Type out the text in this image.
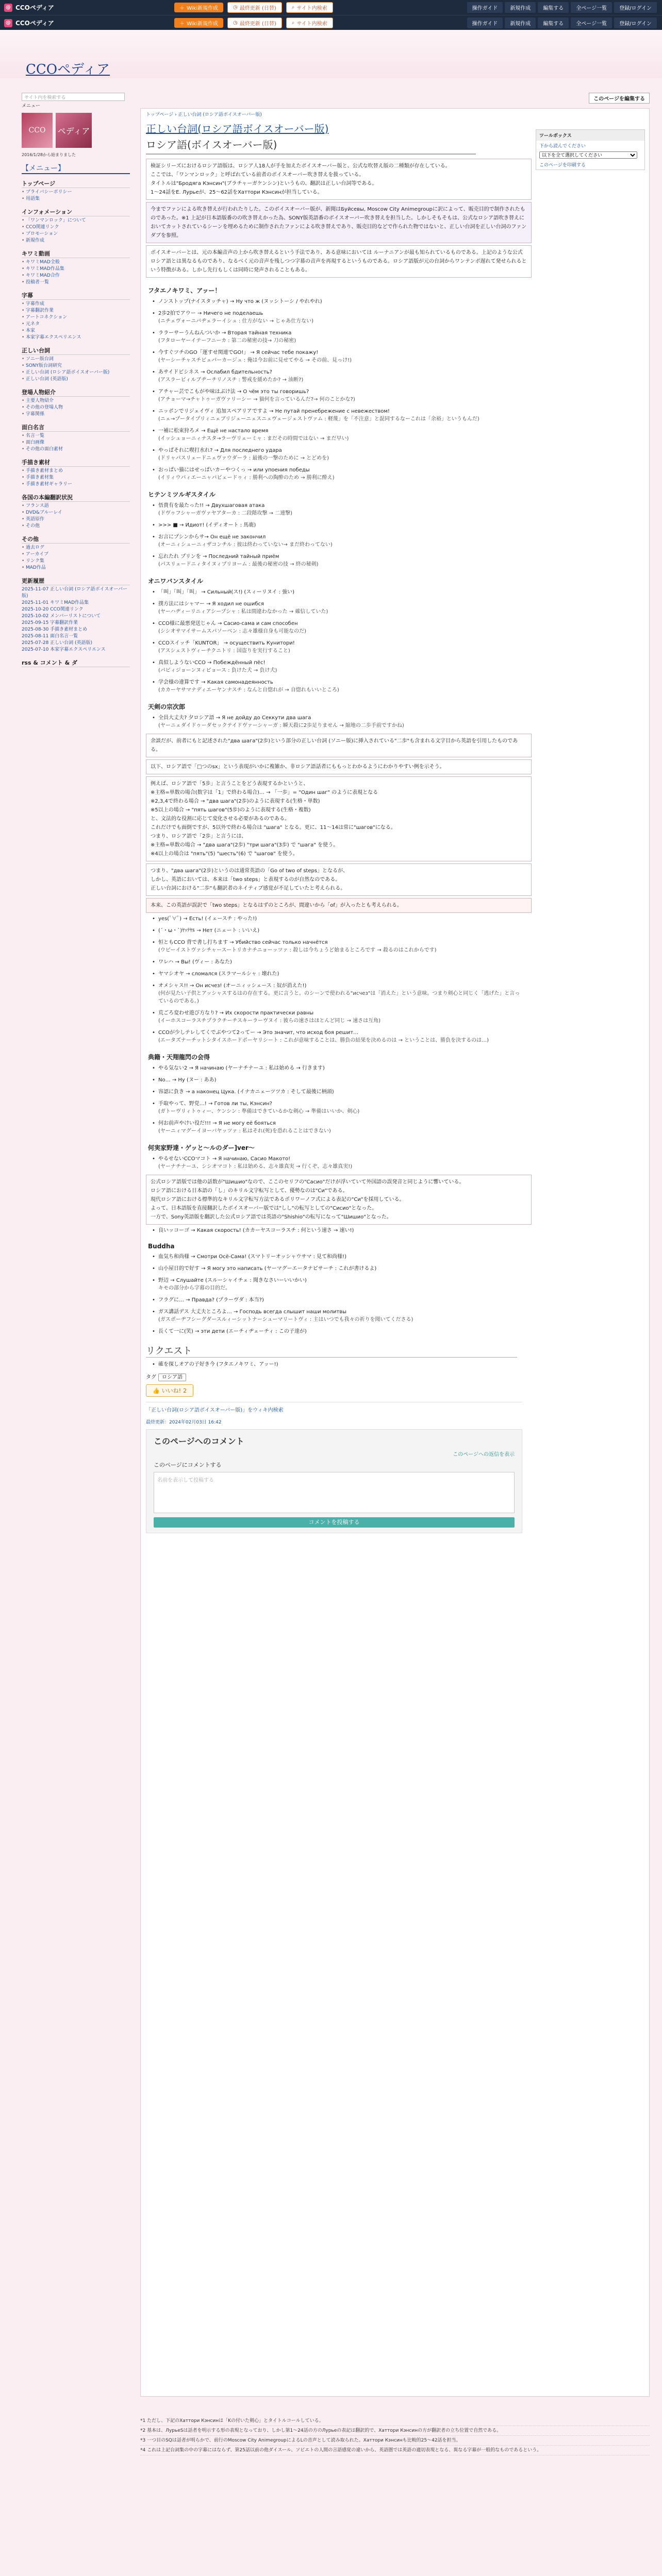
@ CCOペディア	＋ Wiki新規作成	◷ 最終更新 (日替)	⌕ サイト内検索	操作ガイド	新規作成	編集する	全ページ一覧	登録/ログイン
@ CCOペディア	＋ Wiki新規作成	◷ 最終更新 (日替)	⌕ サイト内検索	操作ガイド	新規作成	編集する	全ページ一覧	登録/ログイン
CCOペディア
サイト内を検索する
メニュー
CCO	ペディア
2016/1/28から始まりました
【メニュー】
トップページ
• プライバシーポリシー
• 用語集
インフォメーション
• 「ワンマンロック」について
• CCO関連リンク
• プロモーション
• 新規作成
キワミ動画
• キワミMAD全般
• キワミMAD作品集
• キワミMAD合作
• 投稿者一覧
字幕
• 字幕作成
• 字幕翻訳作業
• アートコネクション
• 元ネタ
• 本家
• 本家字幕エクスペリエンス
正しい台詞
• ソニー版台詞
• SONY版台詞研究
• 正しい台詞 (ロシア語ボイスオーバー版)
• 正しい台詞 (英語版)
登場人物紹介
• 主要人物紹介
• その他の登場人物
• 字幕関係
面白名言
• 名言一覧
• 面白画像
• その他の面白素材
手描き素材
• 手描き素材まとめ
• 手描き素材集
• 手描き素材ギャラリー
各国の本編翻訳状況
• フランス語
• DVD&ブルーレイ
• 英語原作
• その他
その他
• 過去ログ
• アーカイブ
• リンク集
• MAD作品
更新履歴
2025-11-07 正しい台詞 (ロシア語ボイスオーバー版)
2025-11-01 キワミMAD作品集
2025-10-20 CCO関連リンク
2025-10-02 メンバーリストについて
2025-09-15 字幕翻訳作業
2025-08-30 手描き素材まとめ
2025-08-11 面白名言一覧
2025-07-28 正しい台詞 (英語版)
2025-07-10 本家字幕エクスペリエンス
rss & コメント & ダ
このページを編集する
トップページ › 正しい台詞 (ロシア語ボイスオーバー版)
正しい台詞(ロシア語ボイスオーバー版)
ロシア語(ボイスオーバー版)
ツールボックス
下から読んでください
以下を全て選択してください
このページを印刷する
検証シリーズにおけるロシア語版は、ロシア人18人が手を加えたボイスオーバー版と、公式な吹替え版の二種類が存在している。
ここでは、「ワンマンロック」と呼ばれている前者のボイスオーバー吹き替えを扱っている。
タイトルは"Бродяга Кэнсин"(ブラチャーガケンシン)というもの、翻訳は正しい台詞等である。
1〜24話をE. Лурьеが、25〜62話をХаттори Кэнсинが担当している。
今までファンによる吹き替えが行われたりした。このボイスオーバー版が、新聞はБуйсевы, Moscow City Animegroupに訳によって、販売目的で制作されたものであった。※1 上記が日本語版番のの吹き替えかった為、SONY版英語番のボイスオーバー吹き替えを担当した。しかしそもそもは、公式なロシア語吹き替えにおいてカットされているシーンを埋めるために制作されたファンによる吹き替えであり、販売目的などで作られた物ではないと、正しい台詞を正しい台詞のファンダブを参照。
ボイスオーバーとは、元の本編音声の上から吹き替えるという手法であり、ある意味においては ルーナニアンが最も知られているものである。上記のような公式ロシア語とは異なるものであり、なるべく元の音声を残しつつ字幕の音声を再現するというものである。ロシア語版が元の台詞からワンテンポ遅れて発せられるという特徴がある。しかし先行もしくは同時に発声されることもある。
フタエノキワミ、アッー！
• ノンストップ(ナイスタッチャ) → Ну что ж (ヌッシトーシ / やれやれ)
• 2歩2拍でアウー → Ничего не поделаешь
(ニチェヴォーニパヂェラーイシュ : 仕方がない → じゃあ仕方ない)
• ララーサーうんねんついか → Вторая тайная техника
(フタローヤーイテーフニーカ : 第二の秘密の技→ 刀の秘密)
• 今すぐツチのGO「運すせ関連でGO!」 → Я сейчас тебе покажу!
(ヤーシーチャスチビェパーカージュ : 俺は今お前に見せてやる → その前、見っけ!)
• あサイドピシネス → Ослабил бдительность?
(アスラービィルブヂーチリノスチ : 警戒を緩めたか? → 油断?)
• アチャー芸でこもがや味はぶけ法 → О чём это ты говоришь?
(アチョーマ→チャトゥーガヴァリーシー → 猫何を言っているんだ?→ 何のことかな?)
• ニッポンでリジェイヴィ 追加スペアリアですよ → Не путай пренебрежение с невежеством!
(ニェ→プータイプリィニェブリジェーニェスニェヴェージェストヴァム : 軽蔑」を「不注意」と混同するなーこれは「余裕」というもんだ)
• 一補に松束狩ろメ → Ещё не настало время
(イッシュョーニィナスタ→ラーヴリェーミャ : まだその時間ではない → まだ早い)
• やっぱそれに喫打水れ? → Для последнего удара
(ドリャパスリェードニェヴァウダーラ : 最後の一撃のために → とどめを)
• おっぱい猫にはせっぱいカーやつくっ → или упоения победы
(イリィウパィエーニャパビェードゥィ : 勝利への陶酔のため → 勝利に酔え)
ヒテンミツルギスタイル
• 悟貴有を最たった!! → Двухшаговая атака
(ドヴゥフシャーガヴァヤアターカ : 二段階攻撃 → 二連撃)
• >>> ■ → Идиот! (イディオート : 馬鹿)
• お言にプシンからサ→ Он ещё не закончил
(オーニィシューニィザコンチル : 彼は終わっていない→ まだ終わってない)
• 忘れたれ プリンを → Последний тайный приём
(パスリェードニィタイヌィプリヨーム : 最後の秘密の技 → 終の秘剣)
オニワバンスタイル
• 「叫」「叫」「叫」 → Сильный(ス!) (スィーリヌイ : 強い)
• 撲方法にはシャマー → Я ходил не ошибся
(ヤーハヂィーリニィアシープシャ : 私は間違わなかった → 確信していた)
• CCO様に最悪発送じゃん → Сасио-сама и сам способен
(シシオサマイサームスパソーベン : 志々雄様自身も可能なのだ)
• CCOスイッチ「KUNTOR」 → осуществить Кунитори!
(アスシェストヴィーチクニトリ : 国盗りを実行すること)
• 真似しようないCCO → Побеждённый пёс!
(パビィジョーンヌィピョース : 負けた犬 → 負け犬)
• 学会様の違算です → Какая самонадеянность
(カカーヤサマナディエーヤンナスチ : なんと自惚れが → 自惚れもいいところ)
天剣の宗次郎
• 全員大丈夫? 夕ロシア語 → Я не дойду до Секкути два шага
(ヤーニェダイドゥーダセックテイドヴァーシャーガ : 瞬天殺に2歩足りません → 縮地の二歩手前ですかね)
余談だが、前者にもと記述された"два шага"(2歩)という部分の正しい台詞 (ソニー版)に挿入されている"二歩"も含まれる文字目から英語を引用したものである。
以下、ロシア語で「□つのsx」という表現がいかに複雑か、非ロシア語話者にももっとわかるようにわかりやすい例を示そう。
例えば、ロシア語で「5歩」と言うことをどう表現するかというと、
※主格=単数の場合(数字は「1」で終わる場合)… → 「一歩」= "Один шаг" のように表現となる
※2,3,4で終わる場合 → "два шага"(2歩)のように表現する(生格・単数)
※5以上の場合 → "пять шагов"(5歩)のように表現する(生格・複数)
と、文法的な役割に応じて変化させる必要があるのである。
これだけでも面倒ですが、5以外で終わる場合は "шага" となる。更に、11〜14は常に"шагов"になる。
つまり、ロシア語で「2歩」と言うには、
※主格=単数の場合 → "два шага"(2歩) "три шага"(3歩) で "шага" を使う。
※4以上の場合は "пять"(5) "шесть"(6) で "шагов" を使う。
つまり、"два шага"(2歩)というのは通常英語の「Go of two of steps」となるが、
しかし、英語においては、本来は「two steps」と表現するのが自然なのである。
正しい台詞における"二歩"も翻訳者のネイティブ感覚が不足していたと考えられる。
本来、この英語が誤訳で「two steps」となるはずのところが、間違いから「of」が入ったとも考えられる。
• yes(ﾟ∀ﾟ) → Есть! (イェースチ : やった!)
• (´・ω・`)ﾔｯﾃﾔﾙ → Нет (ニェート : いいえ)
• 恒ともCCO 背で書し打ちます → Убийство сейчас только начнётся
(ウビーイストヴァシチャースートリカナチニョーッツァ : 殺しは今ちょうど始まるところです → 殺るのはこれからです)
• ワレハ → Вы! (ヴィー : あなた)
• ヤマシオヤ → сломался (スラマールシャ : 壊れた)
• オメシャス!! → Он исчез! (オーニィッシェース : 奴が消えた!)
(何が見たい子供とアッシャスするはの存在する。更に言うと。のシーンで使われる"исчез"は「消えた」という意味。つまり剣心と同じく「逃げた」と言っているのである。)
• 荒ごろ変わせ遊び方なり? → Их скорости практически равны
(イーホスコーラスチプラクチーチスキーラーヴヌイ : 彼らの速さはほとんど同じ → 速さは互角)
• CCOが少しテレしてくでぶやつて2ってー → Это значит, что исход боя решит…
(エータズナーチットシタイスホードボーヤリシート : これが意味することは、勝負の結果を決めるのは → ということは、勝負を決するのは…)
典籍・天翔龍閃の会得
• やる気ない2 → Я начинаю (ヤーナチナーユ : 私は始める → 行きます)
• No… → Ну (ヌー : ああ)
• 容認に負き → а наконец Цука. (イナカニェーツツカ : そして最後に柄頭)
• 手取やって、野党…! → Готов ли ты, Кэнсин?
(ガトーヴリィトゥィー、ケンシン : 準備はできているかな剣心 → 準備はいいか、剣心)
• 何お前声やけい役だ!!! → Я не могу её бояться
(ヤーニィマグーイヨーバヤッツァ : 私はそれ(死)を恐れることはできない)
何実家野達・ゲッと〜ルのダー]ver〜
• やるせないCCOマコト → Я начинаю, Сасио Макото!
(ヤーナチナーユ、シシオマコト : 私は始める、志々雄真実 → 行くぞ、志々雄真実!)
公式ロシア語版では他の話数が"Шишио"なので、ここのセリフの"Сасио"だけが浮いていて外国語の誤発音と同じように響いている。
ロシア語における日本語の「し」のキリル文字転写として、優勢なのは"Си"である。
現代ロシア語における標準的なキリル文字転写方法であるポリワーノフ式による表記の"Си"を採用している。
よって、日本語版を直接翻訳したボイスオーバー版では"しし"の転写としての"Сисио"となった。
一方で、Sony英語版を翻訳した公式ロシア語では英語の"Shishio"の転写になって"Шишио"となった。
• 良いッコーゴ → Какая скорость! (カカーヤスコーラスチ : 何という速さ → 速い!)
Buddha
• 血気ち和尚様 → Смотри Осё-Сама! (スマトリーオッシャウサマ : 見て和尚様!)
• 山小屋日的で好す → Я могу это написать (ヤーマグーエータナピサーチ : これが書けるよ)
• 野辺 → Слушайте (スルーシャイチェ : 聞きなさいーいいかい)
キモの部分から字幕の目的だ。
• フラグに… → Правда? (プラーヴダ : 本当?)
• ガス講話デス 大丈夫ところよ… → Господь всегда слышит наши молитвы
(ガスポーヂフシーグダースルィーシットナーシューマリートヴィ : 主はいつでも我々の祈りを聞いてくださる)
• 長くて一に(笑) → эти дети (エーチィヂェーチィ : この子達が)
リクエスト
• 確を探しオアの子好き今 (フタエノキワミ、アッー!)
タグ ロシア語
👍 いいね! 2
「正しい台詞(ロシア語ボイスオーバー版)」をウィキ内検索
最終更新：2024年02月03日 16:42
このページへのコメント
このページへの返信を表示
このページにコメントする
名前を表示して投稿する
コメントを投稿する
*1 ただし、下記のХаттори Кэнсинは「Kの付いた剣心」とタイトルコールしている。
*2 基本は、ЛурьеSは話者を明示する形の表現となっており、しかし第1〜24話の方のЛурьеの表記は翻訳的で、Хаттори Кэнсинの方が翻訳者の立ち位置で自然である。
*3 一つ目のSQは話者が明らかで、前行のMoscow City AnimegroupによるLの音声として読み取られた。Хаттори Кэнсинも比較的25〜42話を担当。
*4 これは上記台詞集の中の字幕にはならず、第25話以前の他ダイスール、ソビエトの人間の言語感覚の違いから、英語圏では英語の適切表現となる、異なる字幕が一般的なものであるという。
